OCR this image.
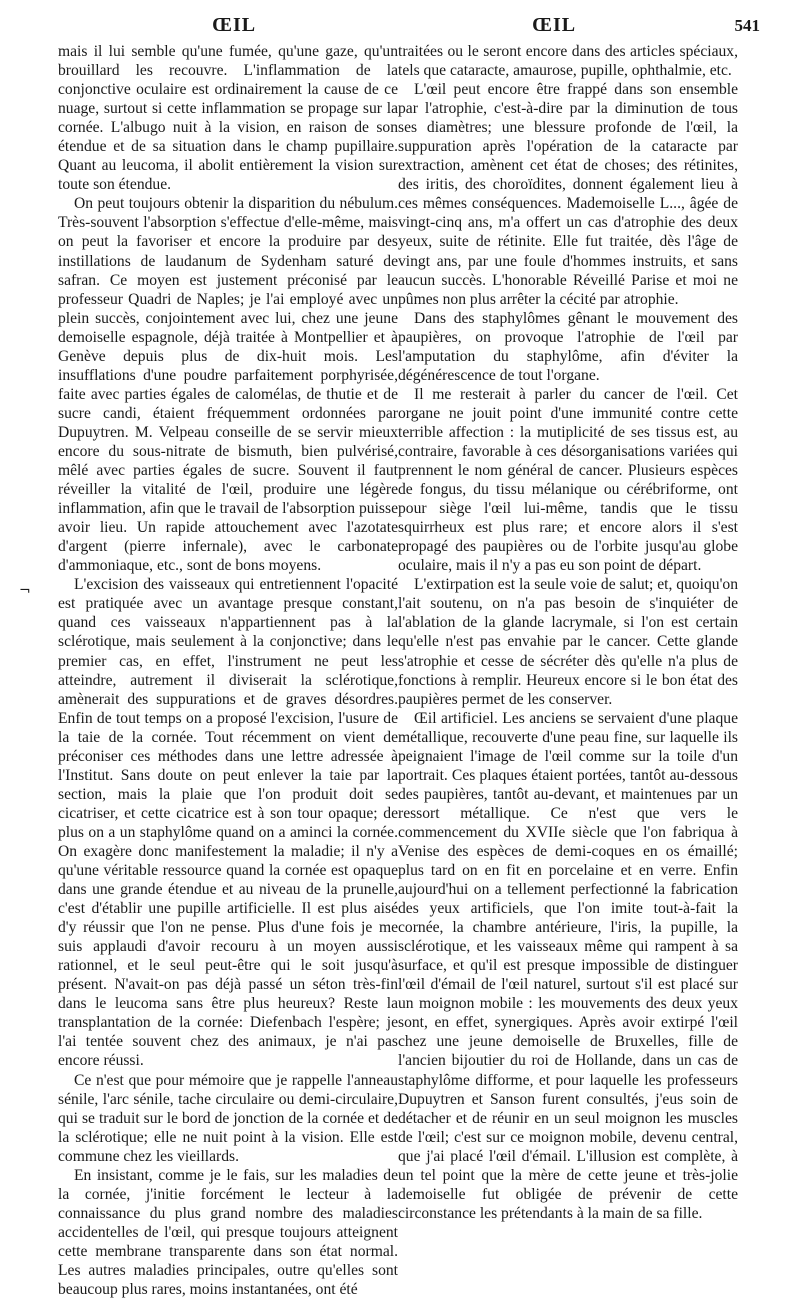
ŒIL	ŒIL	541
¬

mais il lui semble qu'une fumée, qu'une gaze, qu'un brouillard les recouvre. L'inflammation de la conjonctive oculaire est ordinairement la cause de ce nuage, surtout si cette inflammation se propage sur la cornée. L'albugo nuit à la vision, en raison de son étendue et de sa situation dans le champ pupillaire. Quant au leucoma, il abolit entièrement la vision sur toute son étendue.

On peut toujours obtenir la disparition du nébulum. Très-souvent l'absorption s'effectue d'elle-même, mais on peut la favoriser et encore la produire par des instillations de laudanum de Sydenham saturé de safran. Ce moyen est justement préconisé par le professeur Quadri de Naples; je l'ai employé avec un plein succès, conjointement avec lui, chez une jeune demoiselle espagnole, déjà traitée à Montpellier et à Genève depuis plus de dix-huit mois. Les insufflations d'une poudre parfaitement porphyrisée, faite avec parties égales de calomélas, de thutie et de sucre candi, étaient fréquemment ordonnées par Dupuytren. M. Velpeau conseille de se servir mieux encore du sous-nitrate de bismuth, bien pulvérisé, mêlé avec parties égales de sucre. Souvent il faut réveiller la vitalité de l'œil, produire une légère inflammation, afin que le travail de l'absorption puisse avoir lieu. Un rapide attouchement avec l'azotate d'argent (pierre infernale), avec le carbonate d'ammoniaque, etc., sont de bons moyens.

L'excision des vaisseaux qui entretiennent l'opacité est pratiquée avec un avantage presque constant, quand ces vaisseaux n'appartiennent pas à la sclérotique, mais seulement à la conjonctive; dans le premier cas, en effet, l'instrument ne peut les atteindre, autrement il diviserait la sclérotique, amènerait des suppurations et de graves désordres. Enfin de tout temps on a proposé l'excision, l'usure de la taie de la cornée. Tout récemment on vient de préconiser ces méthodes dans une lettre adressée à l'Institut. Sans doute on peut enlever la taie par la section, mais la plaie que l'on produit doit se cicatriser, et cette cicatrice est à son tour opaque; de plus on a un staphylôme quand on a aminci la cornée. On exagère donc manifestement la maladie; il n'y a qu'une véritable ressource quand la cornée est opaque dans une grande étendue et au niveau de la prunelle, c'est d'établir une pupille artificielle. Il est plus aisé d'y réussir que l'on ne pense. Plus d'une fois je me suis applaudi d'avoir recouru à un moyen aussi rationnel, et le seul peut-être qui le soit jusqu'à présent. N'avait-on pas déjà passé un séton très-fin dans le leucoma sans être plus heureux? Reste la transplantation de la cornée: Diefenbach l'espère; je l'ai tentée souvent chez des animaux, je n'ai pas encore réussi.

Ce n'est que pour mémoire que je rappelle l'anneau sénile, l'arc sénile, tache circulaire ou demi-circulaire, qui se traduit sur le bord de jonction de la cornée et de la sclérotique; elle ne nuit point à la vision. Elle est commune chez les vieillards.

En insistant, comme je le fais, sur les maladies de la cornée, j'initie forcément le lecteur à la connaissance du plus grand nombre des maladies accidentelles de l'œil, qui presque toujours atteignent cette membrane transparente dans son état normal. Les autres maladies principales, outre qu'elles sont beaucoup plus rares, moins instantanées, ont été

traitées ou le seront encore dans des articles spéciaux, tels que cataracte, amaurose, pupille, ophthalmie, etc.

L'œil peut encore être frappé dans son ensemble par l'atrophie, c'est-à-dire par la diminution de tous ses diamètres; une blessure profonde de l'œil, la suppuration après l'opération de la cataracte par extraction, amènent cet état de choses; des rétinites, des iritis, des choroïdites, donnent également lieu à ces mêmes conséquences. Mademoiselle L..., âgée de vingt-cinq ans, m'a offert un cas d'atrophie des deux yeux, suite de rétinite. Elle fut traitée, dès l'âge de vingt ans, par une foule d'hommes instruits, et sans aucun succès. L'honorable Réveillé Parise et moi ne pûmes non plus arrêter la cécité par atrophie.

Dans des staphylômes gênant le mouvement des paupières, on provoque l'atrophie de l'œil par l'amputation du staphylôme, afin d'éviter la dégénérescence de tout l'organe.

Il me resterait à parler du cancer de l'œil. Cet organe ne jouit point d'une immunité contre cette terrible affection : la mutiplicité de ses tissus est, au contraire, favorable à ces désorganisations variées qui prennent le nom général de cancer. Plusieurs espèces de fongus, du tissu mélanique ou cérébriforme, ont pour siège l'œil lui-même, tandis que le tissu squirrheux est plus rare; et encore alors il s'est propagé des paupières ou de l'orbite jusqu'au globe oculaire, mais il n'y a pas eu son point de départ.

L'extirpation est la seule voie de salut; et, quoiqu'on l'ait soutenu, on n'a pas besoin de s'inquiéter de l'ablation de la glande lacrymale, si l'on est certain qu'elle n'est pas envahie par le cancer. Cette glande s'atrophie et cesse de sécréter dès qu'elle n'a plus de fonctions à remplir. Heureux encore si le bon état des paupières permet de les conserver.

Œil artificiel. Les anciens se servaient d'une plaque métallique, recouverte d'une peau fine, sur laquelle ils peignaient l'image de l'œil comme sur la toile d'un portrait. Ces plaques étaient portées, tantôt au-dessous des paupières, tantôt au-devant, et maintenues par un ressort métallique. Ce n'est que vers le commencement du XVIIe siècle que l'on fabriqua à Venise des espèces de demi-coques en os émaillé; plus tard on en fit en porcelaine et en verre. Enfin aujourd'hui on a tellement perfectionné la fabrication des yeux artificiels, que l'on imite tout-à-fait la cornée, la chambre antérieure, l'iris, la pupille, la sclérotique, et les vaisseaux même qui rampent à sa surface, et qu'il est presque impossible de distinguer l'œil d'émail de l'œil naturel, surtout s'il est placé sur un moignon mobile : les mouvements des deux yeux sont, en effet, synergiques. Après avoir extirpé l'œil chez une jeune demoiselle de Bruxelles, fille de l'ancien bijoutier du roi de Hollande, dans un cas de staphylôme difforme, et pour laquelle les professeurs Dupuytren et Sanson furent consultés, j'eus soin de détacher et de réunir en un seul moignon les muscles de l'œil; c'est sur ce moignon mobile, devenu central, que j'ai placé l'œil d'émail. L'illusion est complète, à un tel point que la mère de cette jeune et très-jolie demoiselle fut obligée de prévenir de cette circonstance les prétendants à la main de sa fille.
